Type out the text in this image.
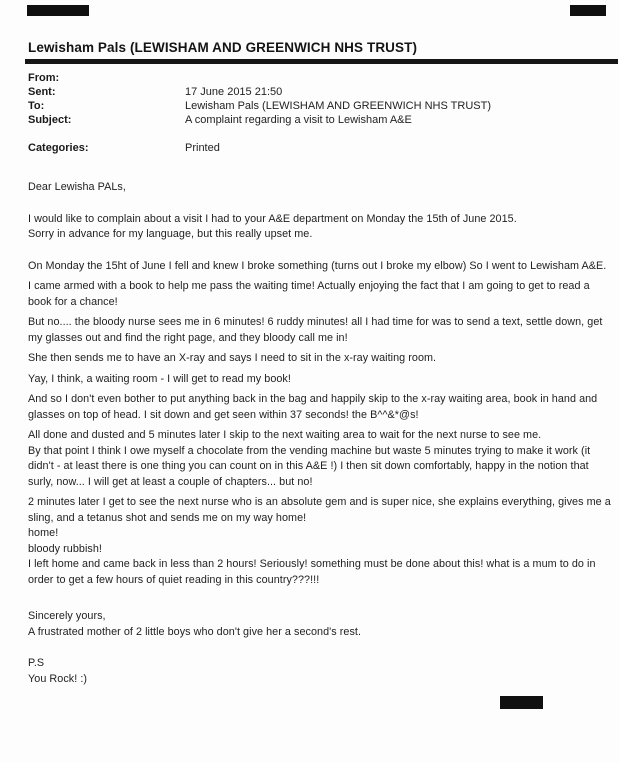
Lewisham Pals (LEWISHAM AND GREENWICH NHS TRUST)
From:
Sent:	17 June 2015 21:50
To:	Lewisham Pals (LEWISHAM AND GREENWICH NHS TRUST)
Subject:	A complaint regarding a visit to Lewisham A&E
Categories:	Printed

Dear Lewisha PALs,

I would like to complain about a visit I had to your A&E department on Monday the 15th of June 2015.

Sorry in advance for my language, but this really upset me.

On Monday the 15ht of June I fell and knew I broke something (turns out I broke my elbow) So I went to Lewisham A&E.

I came armed with a book to help me pass the waiting time! Actually enjoying the fact that I am going to get to read a

book for a chance!

But no.... the bloody nurse sees me in 6 minutes! 6 ruddy minutes! all I had time for was to send a text, settle down, get

my glasses out and find the right page, and they bloody call me in!

She then sends me to have an X-ray and says I need to sit in the x-ray waiting room.

Yay, I think, a waiting room - I will get to read my book!

And so I don't even bother to put anything back in the bag and happily skip to the x-ray waiting area, book in hand and

glasses on top of head. I sit down and get seen within 37 seconds! the B^^&*@s!

All done and dusted and 5 minutes later I skip to the next waiting area to wait for the next nurse to see me.

By that point I think I owe myself a chocolate from the vending machine but waste 5 minutes trying to make it work (it

didn't - at least there is one thing you can count on in this A&E !) I then sit down comfortably, happy in the notion that

surly, now... I will get at least a couple of chapters... but no!

2 minutes later I get to see the next nurse who is an absolute gem and is super nice, she explains everything, gives me a

sling, and a tetanus shot and sends me on my way home!

home!

bloody rubbish!

I left home and came back in less than 2 hours! Seriously! something must be done about this! what is a mum to do in

order to get a few hours of quiet reading in this country???!!!

Sincerely yours,

A frustrated mother of 2 little boys who don't give her a second's rest.

P.S

You Rock! :)
